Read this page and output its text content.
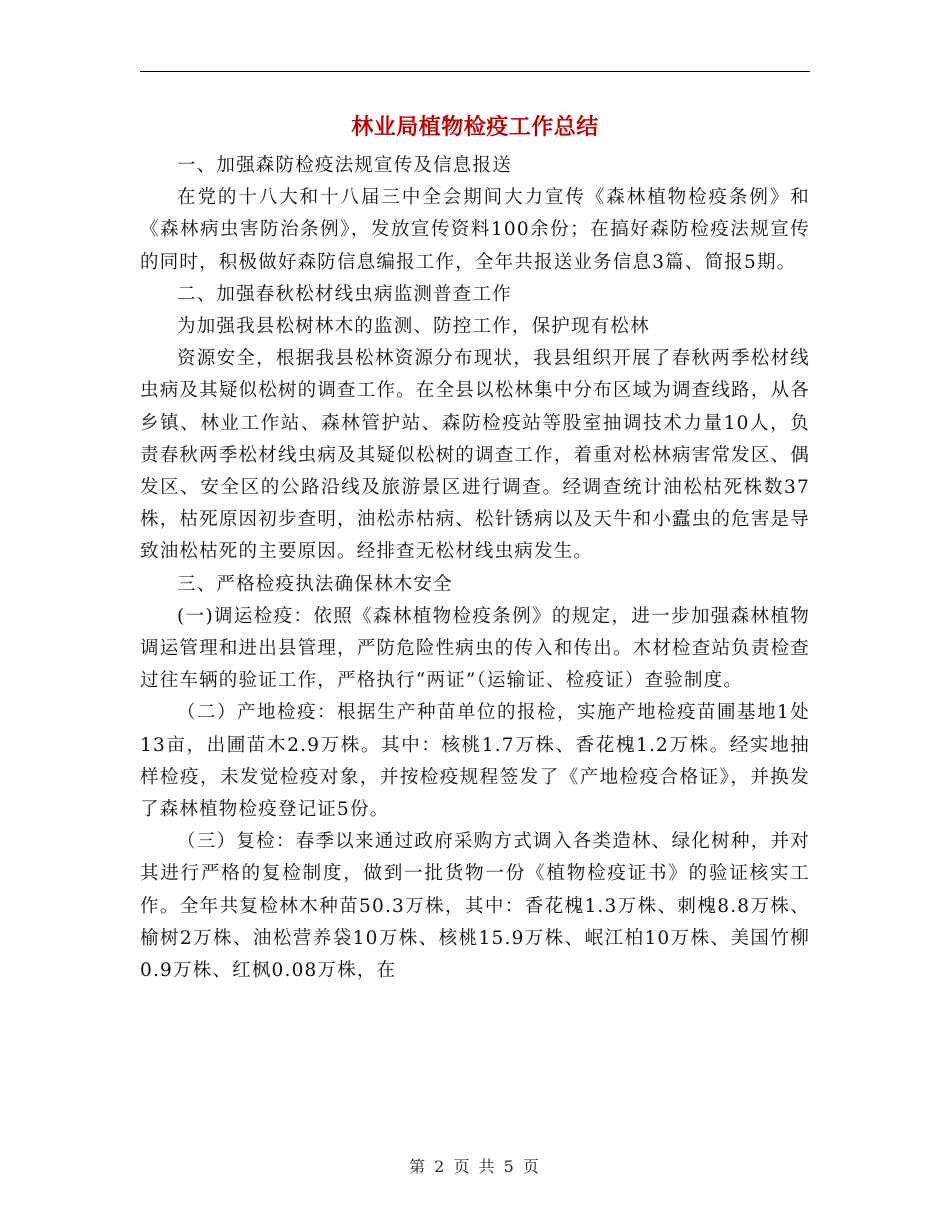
林业局植物检疫工作总结

一、加强森防检疫法规宣传及信息报送

在党的十八大和十八届三中全会期间大力宣传《森林植物检疫条例》和《森林病虫害防治条例》，发放宣传资料100余份；在搞好森防检疫法规宣传的同时，积极做好森防信息编报工作，全年共报送业务信息3篇、简报5期。

二、加强春秋松材线虫病监测普查工作

为加强我县松树林木的监测、防控工作，保护现有松林

资源安全，根据我县松林资源分布现状，我县组织开展了春秋两季松材线虫病及其疑似松树的调查工作。在全县以松林集中分布区域为调查线路，从各乡镇、林业工作站、森林管护站、森防检疫站等股室抽调技术力量10人，负责春秋两季松材线虫病及其疑似松树的调查工作，着重对松林病害常发区、偶发区、安全区的公路沿线及旅游景区进行调查。经调查统计油松枯死株数37株，枯死原因初步查明，油松赤枯病、松针锈病以及天牛和小蠹虫的危害是导致油松枯死的主要原因。经排查无松材线虫病发生。

三、严格检疫执法确保林木安全

(一)调运检疫：依照《森林植物检疫条例》的规定，进一步加强森林植物调运管理和进出县管理，严防危险性病虫的传入和传出。木材检查站负责检查过往车辆的验证工作，严格执行“两证”（运输证、检疫证）查验制度。

（二）产地检疫：根据生产种苗单位的报检，实施产地检疫苗圃基地1处13亩，出圃苗木2.9万株。其中：核桃1.7万株、香花槐1.2万株。经实地抽样检疫，未发觉检疫对象，并按检疫规程签发了《产地检疫合格证》，并换发了森林植物检疫登记证5份。

（三）复检：春季以来通过政府采购方式调入各类造林、绿化树种，并对其进行严格的复检制度，做到一批货物一份《植物检疫证书》的验证核实工作。全年共复检林木种苗50.3万株，其中：香花槐1.3万株、刺槐8.8万株、榆树2万株、油松营养袋10万株、核桃15.9万株、岷江柏10万株、美国竹柳0.9万株、红枫0.08万株，在

第 2 页 共 5 页
